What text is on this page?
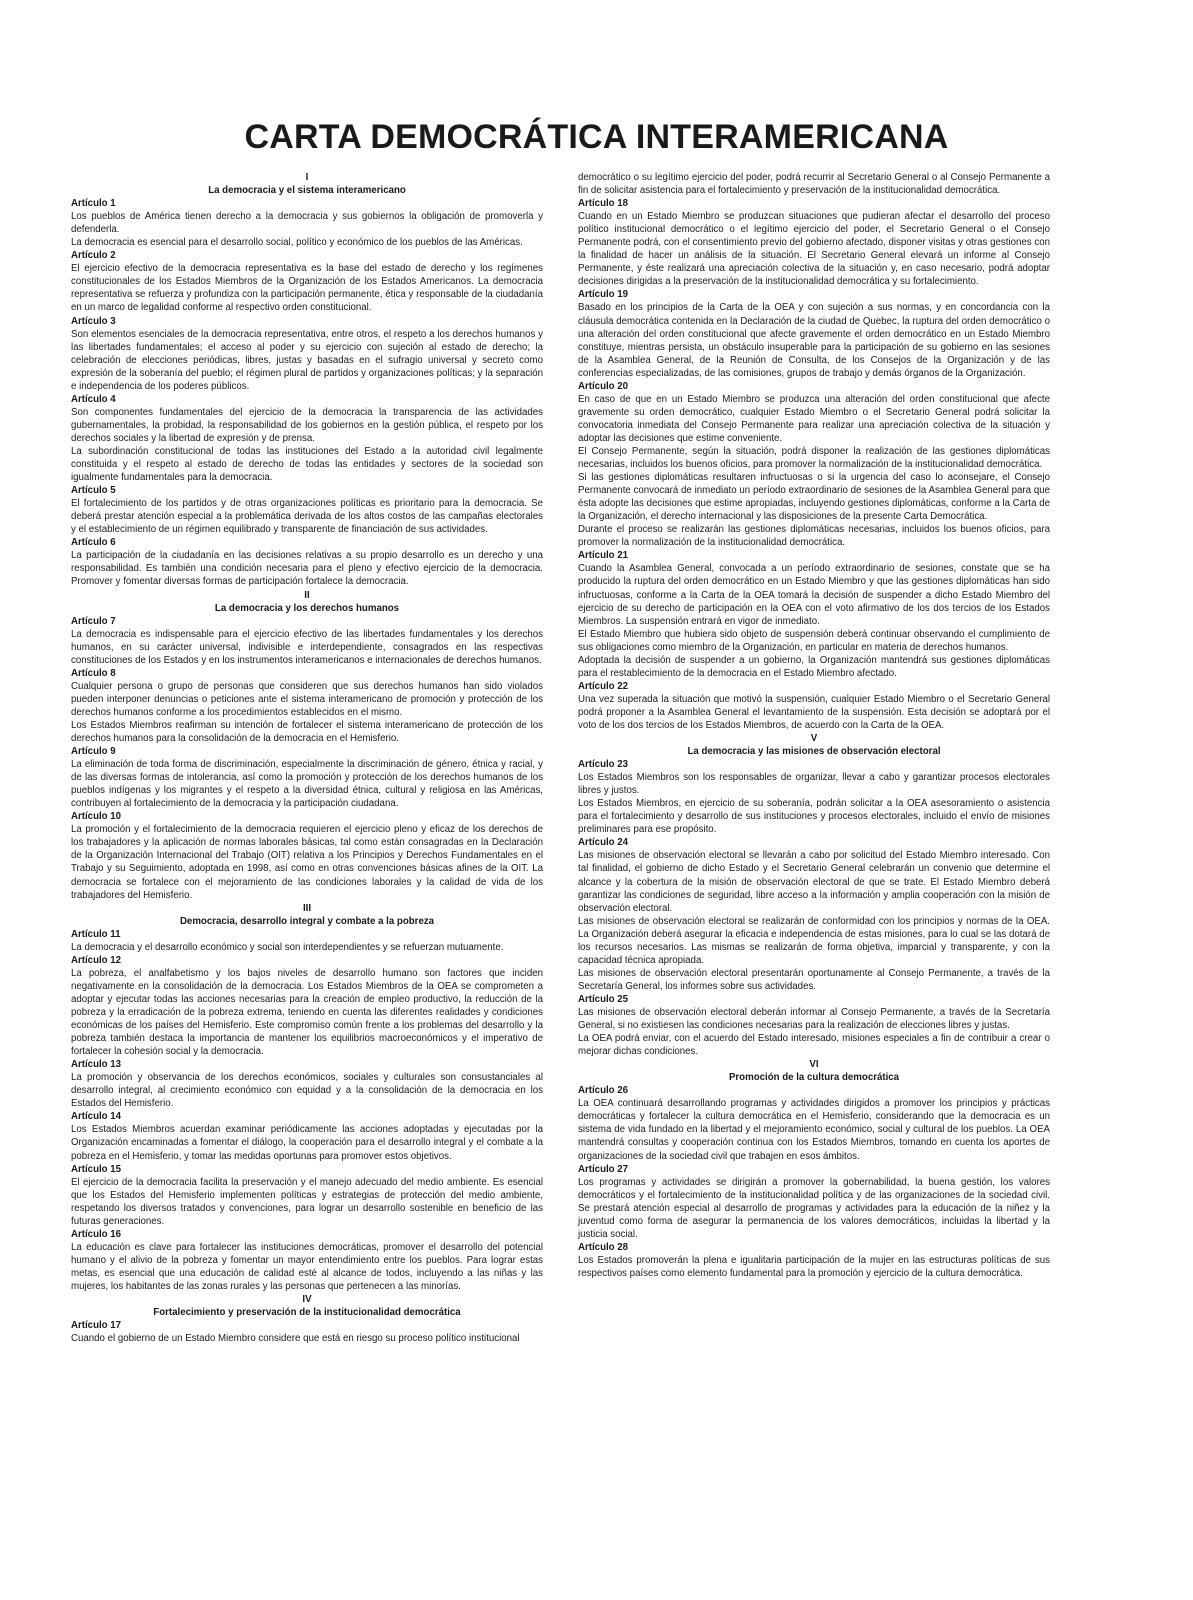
CARTA DEMOCRÁTICA INTERAMERICANA
I
La democracia y el sistema interamericano
Artículo 1
Los pueblos de América tienen derecho a la democracia y sus gobiernos la obligación de promoverla y defenderla.
La democracia es esencial para el desarrollo social, político y económico de los pueblos de las Américas.
Artículo 2
El ejercicio efectivo de la democracia representativa es la base del estado de derecho y los regímenes constitucionales de los Estados Miembros de la Organización de los Estados Americanos. La democracia representativa se refuerza y profundiza con la participación permanente, ética y responsable de la ciudadanía en un marco de legalidad conforme al respectivo orden constitucional.
Artículo 3
Son elementos esenciales de la democracia representativa, entre otros, el respeto a los derechos humanos y las libertades fundamentales; el acceso al poder y su ejercicio con sujeción al estado de derecho; la celebración de elecciones periódicas, libres, justas y basadas en el sufragio universal y secreto como expresión de la soberanía del pueblo; el régimen plural de partidos y organizaciones políticas; y la separación e independencia de los poderes públicos.
Artículo 4
Son componentes fundamentales del ejercicio de la democracia la transparencia de las actividades gubernamentales, la probidad, la responsabilidad de los gobiernos en la gestión pública, el respeto por los derechos sociales y la libertad de expresión y de prensa.
La subordinación constitucional de todas las instituciones del Estado a la autoridad civil legalmente constituida y el respeto al estado de derecho de todas las entidades y sectores de la sociedad son igualmente fundamentales para la democracia.
Artículo 5
El fortalecimiento de los partidos y de otras organizaciones políticas es prioritario para la democracia. Se deberá prestar atención especial a la problemática derivada de los altos costos de las campañas electorales y el establecimiento de un régimen equilibrado y transparente de financiación de sus actividades.
Artículo 6
La participación de la ciudadanía en las decisiones relativas a su propio desarrollo es un derecho y una responsabilidad. Es también una condición necesaria para el pleno y efectivo ejercicio de la democracia. Promover y fomentar diversas formas de participación fortalece la democracia.
II
La democracia y los derechos humanos
Artículo 7
La democracia es indispensable para el ejercicio efectivo de las libertades fundamentales y los derechos humanos, en su carácter universal, indivisible e interdependiente, consagrados en las respectivas constituciones de los Estados y en los instrumentos interamericanos e internacionales de derechos humanos.
Artículo 8
Cualquier persona o grupo de personas que consideren que sus derechos humanos han sido violados pueden interponer denuncias o peticiones ante el sistema interamericano de promoción y protección de los derechos humanos conforme a los procedimientos establecidos en el mismo.
Los Estados Miembros reafirman su intención de fortalecer el sistema interamericano de protección de los derechos humanos para la consolidación de la democracia en el Hemisferio.
Artículo 9
La eliminación de toda forma de discriminación, especialmente la discriminación de género, étnica y racial, y de las diversas formas de intolerancia, así como la promoción y protección de los derechos humanos de los pueblos indígenas y los migrantes y el respeto a la diversidad étnica, cultural y religiosa en las Américas, contribuyen al fortalecimiento de la democracia y la participación ciudadana.
Artículo 10
La promoción y el fortalecimiento de la democracia requieren el ejercicio pleno y eficaz de los derechos de los trabajadores y la aplicación de normas laborales básicas, tal como están consagradas en la Declaración de la Organización Internacional del Trabajo (OIT) relativa a los Principios y Derechos Fundamentales en el Trabajo y su Seguimiento, adoptada en 1998, así como en otras convenciones básicas afines de la OIT. La democracia se fortalece con el mejoramiento de las condiciones laborales y la calidad de vida de los trabajadores del Hemisferio.
III
Democracia, desarrollo integral y combate a la pobreza
Artículo 11
La democracia y el desarrollo económico y social son interdependientes y se refuerzan mutuamente.
Artículo 12
La pobreza, el analfabetismo y los bajos niveles de desarrollo humano son factores que inciden negativamente en la consolidación de la democracia. Los Estados Miembros de la OEA se comprometen a adoptar y ejecutar todas las acciones necesarias para la creación de empleo productivo, la reducción de la pobreza y la erradicación de la pobreza extrema, teniendo en cuenta las diferentes realidades y condiciones económicas de los países del Hemisferio. Este compromiso común frente a los problemas del desarrollo y la pobreza también destaca la importancia de mantener los equilibrios macroeconómicos y el imperativo de fortalecer la cohesión social y la democracia.
Artículo 13
La promoción y observancia de los derechos económicos, sociales y culturales son consustanciales al desarrollo integral, al crecimiento económico con equidad y a la consolidación de la democracia en los Estados del Hemisferio.
Artículo 14
Los Estados Miembros acuerdan examinar periódicamente las acciones adoptadas y ejecutadas por la Organización encaminadas a fomentar el diálogo, la cooperación para el desarrollo integral y el combate a la pobreza en el Hemisferio, y tomar las medidas oportunas para promover estos objetivos.
Artículo 15
El ejercicio de la democracia facilita la preservación y el manejo adecuado del medio ambiente. Es esencial que los Estados del Hemisferio implementen políticas y estrategias de protección del medio ambiente, respetando los diversos tratados y convenciones, para lograr un desarrollo sostenible en beneficio de las futuras generaciones.
Artículo 16
La educación es clave para fortalecer las instituciones democráticas, promover el desarrollo del potencial humano y el alivio de la pobreza y fomentar un mayor entendimiento entre los pueblos. Para lograr estas metas, es esencial que una educación de calidad esté al alcance de todos, incluyendo a las niñas y las mujeres, los habitantes de las zonas rurales y las personas que pertenecen a las minorías.
IV
Fortalecimiento y preservación de la institucionalidad democrática
Artículo 17
Cuando el gobierno de un Estado Miembro considere que está en riesgo su proceso político institucional
democrático o su legítimo ejercicio del poder, podrá recurrir al Secretario General o al Consejo Permanente a fin de solicitar asistencia para el fortalecimiento y preservación de la institucionalidad democrática.
Artículo 18
Cuando en un Estado Miembro se produzcan situaciones que pudieran afectar el desarrollo del proceso político institucional democrático o el legítimo ejercicio del poder, el Secretario General o el Consejo Permanente podrá, con el consentimiento previo del gobierno afectado, disponer visitas y otras gestiones con la finalidad de hacer un análisis de la situación. El Secretario General elevará un informe al Consejo Permanente, y éste realizará una apreciación colectiva de la situación y, en caso necesario, podrá adoptar decisiones dirigidas a la preservación de la institucionalidad democrática y su fortalecimiento.
Artículo 19
Basado en los principios de la Carta de la OEA y con sujeción a sus normas, y en concordancia con la cláusula democrática contenida en la Declaración de la ciudad de Quebec, la ruptura del orden democrático o una alteración del orden constitucional que afecte gravemente el orden democrático en un Estado Miembro constituye, mientras persista, un obstáculo insuperable para la participación de su gobierno en las sesiones de la Asamblea General, de la Reunión de Consulta, de los Consejos de la Organización y de las conferencias especializadas, de las comisiones, grupos de trabajo y demás órganos de la Organización.
Artículo 20
En caso de que en un Estado Miembro se produzca una alteración del orden constitucional que afecte gravemente su orden democrático, cualquier Estado Miembro o el Secretario General podrá solicitar la convocatoria inmediata del Consejo Permanente para realizar una apreciación colectiva de la situación y adoptar las decisiones que estime conveniente.
El Consejo Permanente, según la situación, podrá disponer la realización de las gestiones diplomáticas necesarias, incluidos los buenos oficios, para promover la normalización de la institucionalidad democrática.
Si las gestiones diplomáticas resultaren infructuosas o si la urgencia del caso lo aconsejare, el Consejo Permanente convocará de inmediato un período extraordinario de sesiones de la Asamblea General para que ésta adopte las decisiones que estime apropiadas, incluyendo gestiones diplomáticas, conforme a la Carta de la Organización, el derecho internacional y las disposiciones de la presente Carta Democrática.
Durante el proceso se realizarán las gestiones diplomáticas necesarias, incluidos los buenos oficios, para promover la normalización de la institucionalidad democrática.
Artículo 21
Cuando la Asamblea General, convocada a un período extraordinario de sesiones, constate que se ha producido la ruptura del orden democrático en un Estado Miembro y que las gestiones diplomáticas han sido infructuosas, conforme a la Carta de la OEA tomará la decisión de suspender a dicho Estado Miembro del ejercicio de su derecho de participación en la OEA con el voto afirmativo de los dos tercios de los Estados Miembros. La suspensión entrará en vigor de inmediato.
El Estado Miembro que hubiera sido objeto de suspensión deberá continuar observando el cumplimiento de sus obligaciones como miembro de la Organización, en particular en materia de derechos humanos.
Adoptada la decisión de suspender a un gobierno, la Organización mantendrá sus gestiones diplomáticas para el restablecimiento de la democracia en el Estado Miembro afectado.
Artículo 22
Una vez superada la situación que motivó la suspensión, cualquier Estado Miembro o el Secretario General podrá proponer a la Asamblea General el levantamiento de la suspensión. Esta decisión se adoptará por el voto de los dos tercios de los Estados Miembros, de acuerdo con la Carta de la OEA.
V
La democracia y las misiones de observación electoral
Artículo 23
Los Estados Miembros son los responsables de organizar, llevar a cabo y garantizar procesos electorales libres y justos.
Los Estados Miembros, en ejercicio de su soberanía, podrán solicitar a la OEA asesoramiento o asistencia para el fortalecimiento y desarrollo de sus instituciones y procesos electorales, incluido el envío de misiones preliminares para ese propósito.
Artículo 24
Las misiones de observación electoral se llevarán a cabo por solicitud del Estado Miembro interesado. Con tal finalidad, el gobierno de dicho Estado y el Secretario General celebrarán un convenio que determine el alcance y la cobertura de la misión de observación electoral de que se trate. El Estado Miembro deberá garantizar las condiciones de seguridad, libre acceso a la información y amplia cooperación con la misión de observación electoral.
Las misiones de observación electoral se realizarán de conformidad con los principios y normas de la OEA. La Organización deberá asegurar la eficacia e independencia de estas misiones, para lo cual se las dotará de los recursos necesarios. Las mismas se realizarán de forma objetiva, imparcial y transparente, y con la capacidad técnica apropiada.
Las misiones de observación electoral presentarán oportunamente al Consejo Permanente, a través de la Secretaría General, los informes sobre sus actividades.
Artículo 25
Las misiones de observación electoral deberán informar al Consejo Permanente, a través de la Secretaría General, si no existiesen las condiciones necesarias para la realización de elecciones libres y justas.
La OEA podrá enviar, con el acuerdo del Estado interesado, misiones especiales a fin de contribuir a crear o mejorar dichas condiciones.
VI
Promoción de la cultura democrática
Artículo 26
La OEA continuará desarrollando programas y actividades dirigidos a promover los principios y prácticas democráticas y fortalecer la cultura democrática en el Hemisferio, considerando que la democracia es un sistema de vida fundado en la libertad y el mejoramiento económico, social y cultural de los pueblos. La OEA mantendrá consultas y cooperación continua con los Estados Miembros, tomando en cuenta los aportes de organizaciones de la sociedad civil que trabajen en esos ámbitos.
Artículo 27
Los programas y actividades se dirigirán a promover la gobernabilidad, la buena gestión, los valores democráticos y el fortalecimiento de la institucionalidad política y de las organizaciones de la sociedad civil. Se prestará atención especial al desarrollo de programas y actividades para la educación de la niñez y la juventud como forma de asegurar la permanencia de los valores democráticos, incluidas la libertad y la justicia social.
Artículo 28
Los Estados promoverán la plena e igualitaria participación de la mujer en las estructuras políticas de sus respectivos países como elemento fundamental para la promoción y ejercicio de la cultura democrática.
